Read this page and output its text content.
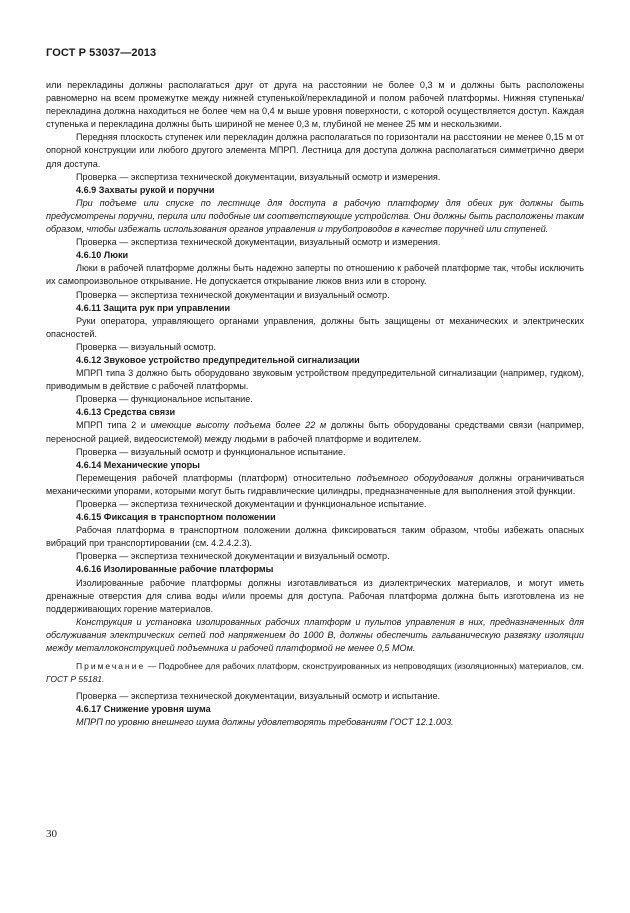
ГОСТ Р 53037—2013

или перекладины должны располагаться друг от друга на расстоянии не более 0,3 м и должны быть расположены равномерно на всем промежутке между нижней ступенькой/перекладиной и полом рабочей платформы. Нижняя ступенька/перекладина должна находиться не более чем на 0,4 м выше уровня поверхности, с которой осуществляется доступ. Каждая ступенька и перекладина должны быть шириной не менее 0,3 м, глубиной не менее 25 мм и нескользкими.

Передняя плоскость ступенек или перекладин должна располагаться по горизонтали на расстоянии не менее 0,15 м от опорной конструкции или любого другого элемента МПРП. Лестница для доступа должна располагаться симметрично двери для доступа.

Проверка — экспертиза технической документации, визуальный осмотр и измерения.

4.6.9 Захваты рукой и поручни

При подъеме или спуске по лестнице для доступа в рабочую платформу для обеих рук должны быть предусмотрены поручни, перила или подобные им соответствующие устройства. Они должны быть расположены таким образом, чтобы избежать использования органов управления и трубопроводов в качестве поручней или ступеней.

Проверка — экспертиза технической документации, визуальный осмотр и измерения.

4.6.10 Люки

Люки в рабочей платформе должны быть надежно заперты по отношению к рабочей платформе так, чтобы исключить их самопроизвольное открывание. Не допускается открывание люков вниз или в сторону.

Проверка — экспертиза технической документации и визуальный осмотр.

4.6.11 Защита рук при управлении

Руки оператора, управляющего органами управления, должны быть защищены от механических и электрических опасностей.

Проверка — визуальный осмотр.

4.6.12 Звуковое устройство предупредительной сигнализации

МПРП типа 3 должно быть оборудовано звуковым устройством предупредительной сигнализации (например, гудком), приводимым в действие с рабочей платформы.

Проверка — функциональное испытание.

4.6.13 Средства связи

МПРП типа 2 и имеющие высоту подъема более 22 м должны быть оборудованы средствами связи (например, переносной рацией, видеосистемой) между людьми в рабочей платформе и водителем.

Проверка — визуальный осмотр и функциональное испытание.

4.6.14 Механические упоры

Перемещения рабочей платформы (платформ) относительно подъемного оборудования должны ограничиваться механическими упорами, которыми могут быть гидравлические цилиндры, предназначенные для выполнения этой функции.

Проверка — экспертиза технической документации и функциональное испытание.

4.6.15 Фиксация в транспортном положении

Рабочая платформа в транспортном положении должна фиксироваться таким образом, чтобы избежать опасных вибраций при транспортировании (см. 4.2.4.2.3).

Проверка — экспертиза технической документации и визуальный осмотр.

4.6.16 Изолированные рабочие платформы

Изолированные рабочие платформы должны изготавливаться из диэлектрических материалов, и могут иметь дренажные отверстия для слива воды и/или проемы для доступа. Рабочая платформа должна быть изготовлена из не поддерживающих горение материалов.

Конструкция и установка изолированных рабочих платформ и пультов управления в них, предназначенных для обслуживания электрических сетей под напряжением до 1000 В, должны обеспечить гальваническую развязку изоляции между металлоконструкцией подъемника и рабочей платформой не менее 0,5 МОм.

Примечание — Подробнее для рабочих платформ, сконструированных из непроводящих (изоляционных) материалов, см. ГОСТ Р 55181.

Проверка — экспертиза технической документации, визуальный осмотр и испытание.

4.6.17 Снижение уровня шума

МПРП по уровню внешнего шума должны удовлетворять требованиям ГОСТ 12.1.003.

30
